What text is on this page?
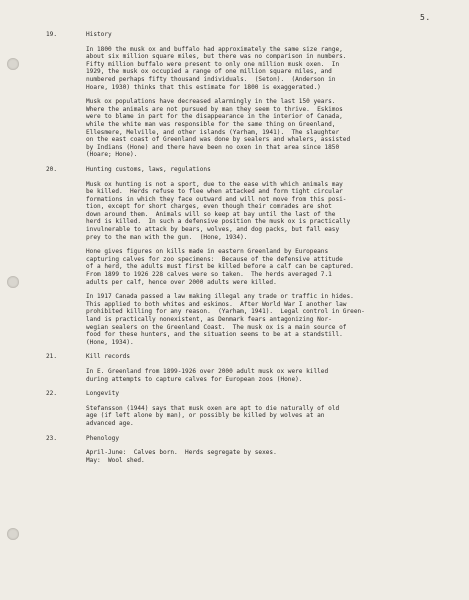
5.
19.	History
In 1800 the musk ox and buffalo had approximately the same size range,
about six million square miles, but there was no comparison in numbers.
Fifty million buffalo were present to only one million musk oxen.  In
1929, the musk ox occupied a range of one million square miles, and
numbered perhaps fifty thousand individuals.  (Seton).  (Anderson in
Hoare, 1930) thinks that this estimate for 1800 is exaggerated.)
Musk ox populations have decreased alarmingly in the last 150 years.
Where the animals are not pursued by man they seem to thrive.  Eskimos
were to blame in part for the disappearance in the interior of Canada,
while the white man was responsible for the same thing on Greenland,
Ellesmere, Melville, and other islands (Yarham, 1941).  The slaughter
on the east coast of Greenland was done by sealers and whalers, assisted
by Indians (Hone) and there have been no oxen in that area since 1850
(Hoare; Hone).
20.	Hunting customs, laws, regulations
Musk ox hunting is not a sport, due to the ease with which animals may
be killed.  Herds refuse to flee when attacked and form tight circular
formations in which they face outward and will not move from this posi-
tion, except for short charges, even though their comrades are shot
down around them.  Animals will so keep at bay until the last of the
herd is killed.  In such a defensive position the musk ox is practically
invulnerable to attack by bears, wolves, and dog packs, but fall easy
prey to the man with the gun.  (Hone, 1934).
Hone gives figures on kills made in eastern Greenland by Europeans
capturing calves for zoo specimens:  Because of the defensive attitude
of a herd, the adults must first be killed before a calf can be captured.
From 1899 to 1926 228 calves were so taken.  The herds averaged 7.1
adults per calf, hence over 2000 adults were killed.
In 1917 Canada passed a law making illegal any trade or traffic in hides.
This applied to both whites and eskimos.  After World War I another law
prohibited killing for any reason.  (Yarham, 1941).  Legal control in Green-
land is practically nonexistent, as Denmark fears antagonizing Nor-
wegian sealers on the Greenland Coast.  The musk ox is a main source of
food for these hunters, and the situation seems to be at a standstill.
(Hone, 1934).
21.	Kill records
In E. Greenland from 1899-1926 over 2000 adult musk ox were killed
during attempts to capture calves for European zoos (Hone).
22.	Longevity
Stefansson (1944) says that musk oxen are apt to die naturally of old
age (if left alone by man), or possibly be killed by wolves at an
advanced age.
23.	Phenology
April-June:  Calves born.  Herds segregate by sexes.
May:  Wool shed.
